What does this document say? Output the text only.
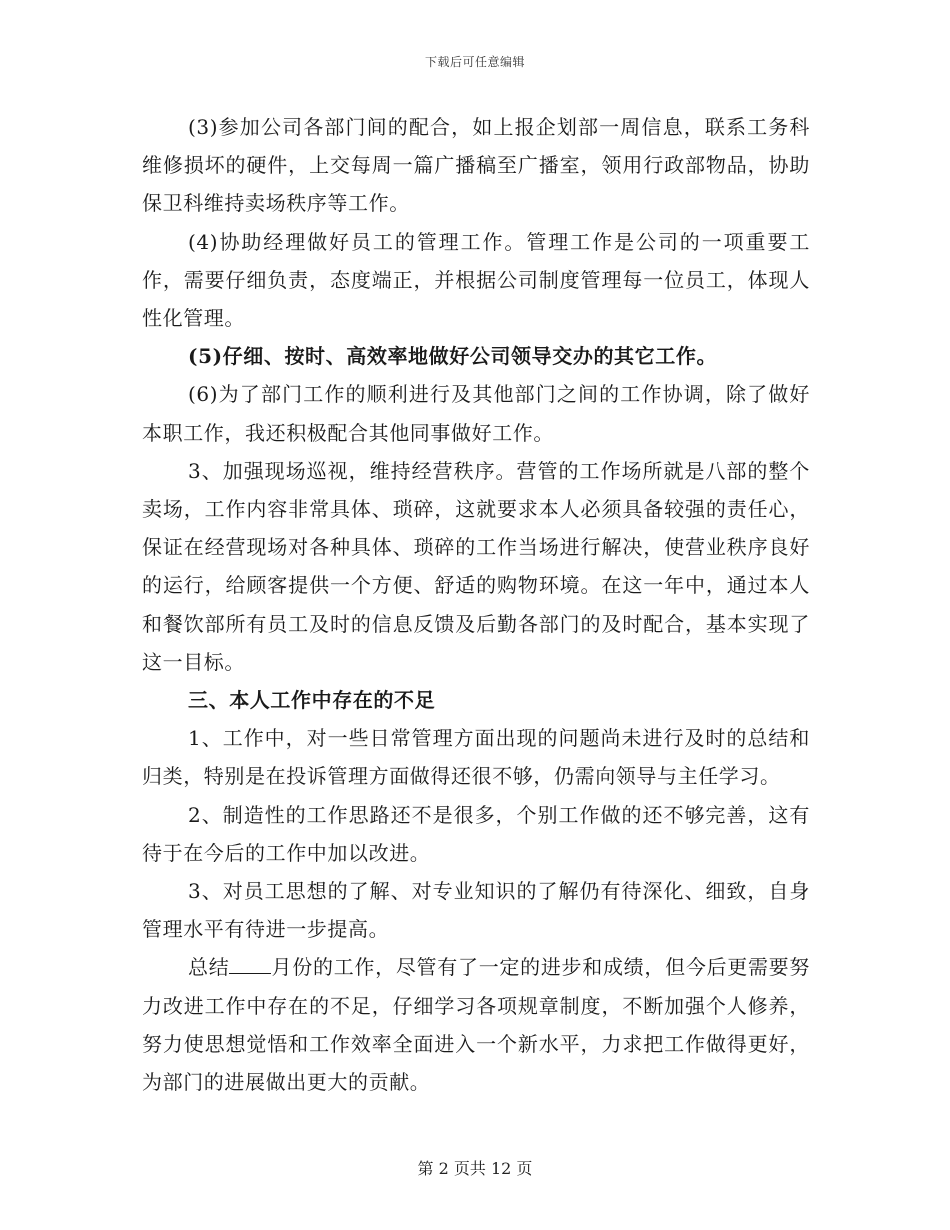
下载后可任意编辑

(3)参加公司各部门间的配合，如上报企划部一周信息，联系工务科维修损坏的硬件，上交每周一篇广播稿至广播室，领用行政部物品，协助保卫科维持卖场秩序等工作。

(4)协助经理做好员工的管理工作。管理工作是公司的一项重要工作，需要仔细负责，态度端正，并根据公司制度管理每一位员工，体现人性化管理。

(5)仔细、按时、高效率地做好公司领导交办的其它工作。

(6)为了部门工作的顺利进行及其他部门之间的工作协调，除了做好本职工作，我还积极配合其他同事做好工作。

3、加强现场巡视，维持经营秩序。营管的工作场所就是八部的整个卖场，工作内容非常具体、琐碎，这就要求本人必须具备较强的责任心，保证在经营现场对各种具体、琐碎的工作当场进行解决，使营业秩序良好的运行，给顾客提供一个方便、舒适的购物环境。在这一年中，通过本人和餐饮部所有员工及时的信息反馈及后勤各部门的及时配合，基本实现了这一目标。

三、本人工作中存在的不足

1、工作中，对一些日常管理方面出现的问题尚未进行及时的总结和归类，特别是在投诉管理方面做得还很不够，仍需向领导与主任学习。

2、制造性的工作思路还不是很多，个别工作做的还不够完善，这有待于在今后的工作中加以改进。

3、对员工思想的了解、对专业知识的了解仍有待深化、细致，自身管理水平有待进一步提高。

总结 月份的工作，尽管有了一定的进步和成绩，但今后更需要努力改进工作中存在的不足，仔细学习各项规章制度，不断加强个人修养，努力使思想觉悟和工作效率全面进入一个新水平，力求把工作做得更好，为部门的进展做出更大的贡献。

第 2 页共 12 页
